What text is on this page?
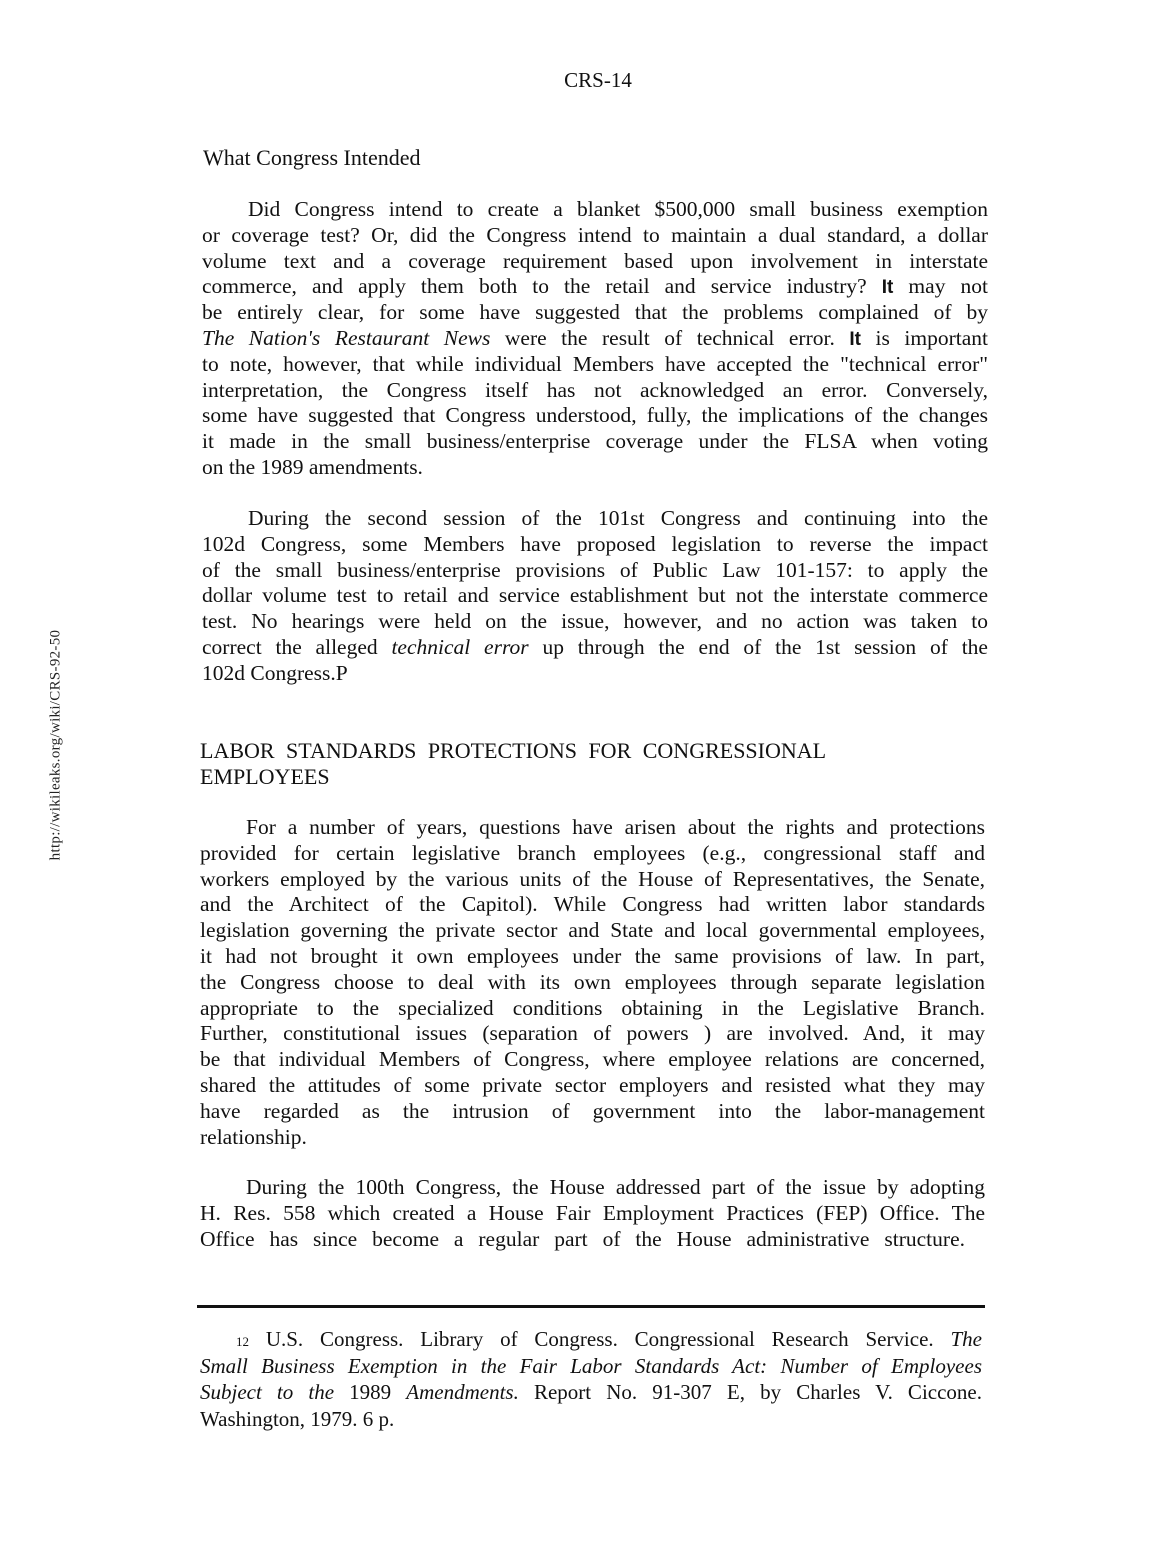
CRS-14
http://wikileaks.org/wiki/CRS-92-50
What Congress Intended
Did Congress intend to create a blanket $500,000 small business exemption
or coverage test? Or, did the Congress intend to maintain a dual standard, a dollar
volume text and a coverage requirement based upon involvement in interstate
commerce, and apply them both to the retail and service industry? It may not
be entirely clear, for some have suggested that the problems complained of by
The Nation's Restaurant News were the result of technical error. It is important
to note, however, that while individual Members have accepted the "technical error"
interpretation, the Congress itself has not acknowledged an error. Conversely,
some have suggested that Congress understood, fully, the implications of the changes
it made in the small business/enterprise coverage under the FLSA when voting
on the 1989 amendments.
During the second session of the 101st Congress and continuing into the
102d Congress, some Members have proposed legislation to reverse the impact
of the small business/enterprise provisions of Public Law 101-157: to apply the
dollar volume test to retail and service establishment but not the interstate commerce
test. No hearings were held on the issue, however, and no action was taken to
correct the alleged technical error up through the end of the 1st session of the
102d Congress.P
LABOR STANDARDS PROTECTIONS FOR CONGRESSIONAL
EMPLOYEES
For a number of years, questions have arisen about the rights and protections
provided for certain legislative branch employees (e.g., congressional staff and
workers employed by the various units of the House of Representatives, the Senate,
and the Architect of the Capitol). While Congress had written labor standards
legislation governing the private sector and State and local governmental employees,
it had not brought it own employees under the same provisions of law. In part,
the Congress choose to deal with its own employees through separate legislation
appropriate to the specialized conditions obtaining in the Legislative Branch.
Further, constitutional issues (separation of powers ) are involved. And, it may
be that individual Members of Congress, where employee relations are concerned,
shared the attitudes of some private sector employers and resisted what they may
have regarded as the intrusion of government into the labor-management
relationship.
During the 100th Congress, the House addressed part of the issue by adopting
H. Res. 558 which created a House Fair Employment Practices (FEP) Office. The
Office has since become a regular part of the House administrative structure.
12 U.S. Congress. Library of Congress. Congressional Research Service. The
Small Business Exemption in the Fair Labor Standards Act: Number of Employees
Subject to the 1989 Amendments. Report No. 91-307 E, by Charles V. Ciccone.
Washington, 1979. 6 p.
